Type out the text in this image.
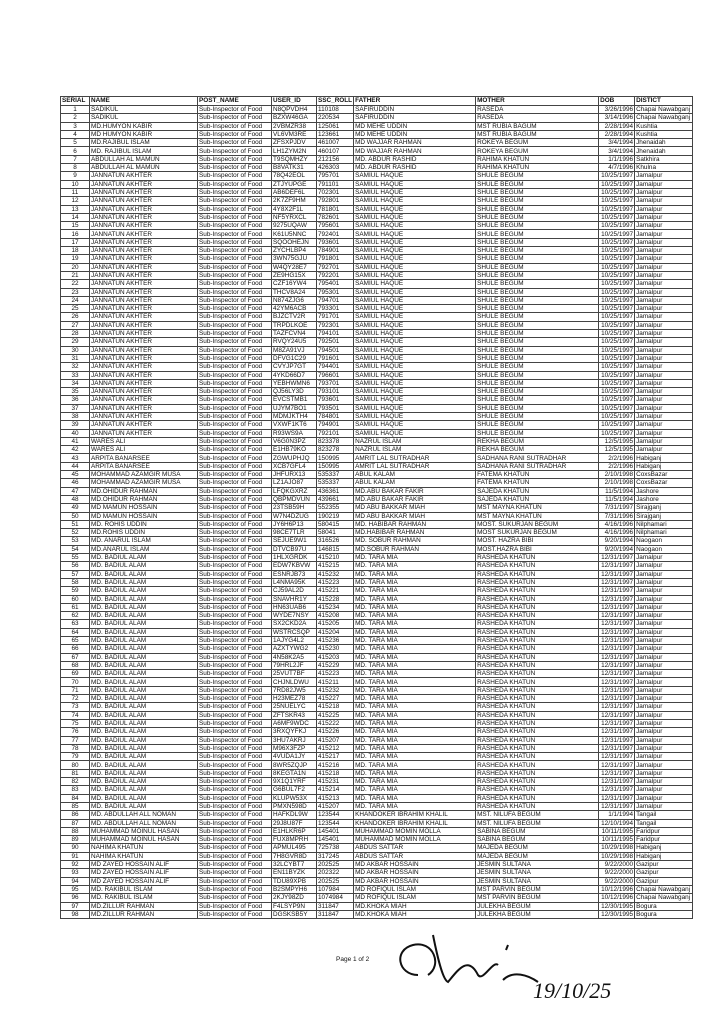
SERIAL	NAME	POST_NAME	USER_ID	SSC_ROLL	FATHER	MOTHER	DOB	DISTICT
1	SADIKUL	Sub-Inspector of Food	N8QPVDH4	110108	SAFIRUDDIN	RASEDA	3/26/1996	Chapai Nawabganj
2	SADIKUL	Sub-Inspector of Food	BZXW46GA	220534	SAFIRUDDIN	RASEDA	3/14/1996	Chapai Nawabganj
3	MD.HUMYON KABIR	Sub-Inspector of Food	2VBMZR38	125061	MD MEHE UDDIN	MST RUBIA BAGUM	2/28/1994	Kushtia
4	MD HUMYON KABIR	Sub-Inspector of Food	VL6VM3RE	123661	MD MEHE UDDIN	MST RUBIA BAGUM	2/28/1994	Kushtia
5	MD.RAJIBUL ISLAM	Sub-Inspector of Food	ZFSXPJDV	461007	MD WAJJAR RAHMAN	ROKEYA BEGUM	3/4/1994	Jhenaidah
6	MD. RAJIBUL ISLAM	Sub-Inspector of Food	LH1ZYM2N	460107	MD WAJJAR RAHMAN	ROKEYA BEGUM	3/4/1994	Jhenaidah
7	ABDULLAH AL MAMUN	Sub-Inspector of Food	T9SQMHZY	212156	MD. ABDUR RASHID	RAHIMA KHATUN	1/1/1996	Satkhira
8	ABDULLAH AL MAMUN	Sub-Inspector of Food	B8VATK31	426303	MD. ABDUR RASHID	RAHIMA KHATUN	4/7/1996	Khulna
9	JANNATUN AKHTER	Sub-Inspector of Food	78Q42EOL	795701	SAMIUL HAQUE	SHULE BEGUM	10/25/1997	Jamalpur
10	JANNATUN AKHTER	Sub-Inspector of Food	ZTJYUPGE	791101	SAMIUL HAQUE	SHULE BEGUM	10/25/1997	Jamalpur
11	JANNATUN AKHTER	Sub-Inspector of Food	AB6DEF6L	702301	SAMIUL HAQUE	SHULE BEGUM	10/25/1997	Jamalpur
12	JANNATUN AKHTER	Sub-Inspector of Food	2K7ZF9HM	792801	SAMIUL HAQUE	SHULE BEGUM	10/25/1997	Jamalpur
13	JANNATUN AKHTER	Sub-Inspector of Food	4Y8X2F1L	781801	SAMIUL HAQUE	SHULE BEGUM	10/25/1997	Jamalpur
14	JANNATUN AKHTER	Sub-Inspector of Food	NF5YRXCL	782601	SAMIUL HAQUE	SHULE BEGUM	10/25/1997	Jamalpur
15	JANNATUN AKHTER	Sub-Inspector of Food	9275UQAW	795601	SAMIUL HAQUE	SHULE BEGUM	10/25/1997	Jamalpur
16	JANNATUN AKHTER	Sub-Inspector of Food	K61U5NNC	792401	SAMIUL HAQUE	SHULE BEGUM	10/25/1997	Jamalpur
17	JANNATUN AKHTER	Sub-Inspector of Food	SQOOHEJN	793601	SAMIUL HAQUE	SHULE BEGUM	10/25/1997	Jamalpur
18	JANNATUN AKHTER	Sub-Inspector of Food	ZYCHLBP4	784901	SAMIUL HAQUE	SHULE BEGUM	10/25/1997	Jamalpur
19	JANNATUN AKHTER	Sub-Inspector of Food	3WN75GJU	791801	SAMIUL HAQUE	SHULE BEGUM	10/25/1997	Jamalpur
20	JANNATUN AKHTER	Sub-Inspector of Food	W4QY28E7	792701	SAMIUL HAQUE	SHULE BEGUM	10/25/1997	Jamalpur
21	JANNATUN AKHTER	Sub-Inspector of Food	ZE9HG15X	792201	SAMIUL HAQUE	SHULE BEGUM	10/25/1997	Jamalpur
22	JANNATUN AKHTER	Sub-Inspector of Food	CZF16YW4	795401	SAMIUL HAQUE	SHULE BEGUM	10/25/1997	Jamalpur
23	JANNATUN AKHTER	Sub-Inspector of Food	THCV8A24	795301	SAMIUL HAQUE	SHULE BEGUM	10/25/1997	Jamalpur
24	JANNATUN AKHTER	Sub-Inspector of Food	N874ZJG6	794701	SAMIUL HAQUE	SHULE BEGUM	10/25/1997	Jamalpur
25	JANNATUN AKHTER	Sub-Inspector of Food	42YM6ACB	793301	SAMIUL HAQUE	SHULE BEGUM	10/25/1997	Jamalpur
26	JANNATUN AKHTER	Sub-Inspector of Food	BJZCTV2R	791701	SAMIUL HAQUE	SHULE BEGUM	10/25/1997	Jamalpur
27	JANNATUN AKHTER	Sub-Inspector of Food	TRPDLKOE	792301	SAMIUL HAQUE	SHULE BEGUM	10/25/1997	Jamalpur
28	JANNATUN AKHTER	Sub-Inspector of Food	TAZFCVN4	794101	SAMIUL HAQUE	SHULE BEGUM	10/25/1997	Jamalpur
29	JANNATUN AKHTER	Sub-Inspector of Food	RVQY24U5	792501	SAMIUL HAQUE	SHULE BEGUM	10/25/1997	Jamalpur
30	JANNATUN AKHTER	Sub-Inspector of Food	M8ZA91VJ	794501	SAMIUL HAQUE	SHULE BEGUM	10/25/1997	Jamalpur
31	JANNATUN AKHTER	Sub-Inspector of Food	DFVG1C29	791601	SAMIUL HAQUE	SHULE BEGUM	10/25/1997	Jamalpur
32	JANNATUN AKHTER	Sub-Inspector of Food	CVYJP7GT	794401	SAMIUL HAQUE	SHULE BEGUM	10/25/1997	Jamalpur
33	JANNATUN AKHTER	Sub-Inspector of Food	4YKD66D7	796601	SAMIUL HAQUE	SHULE BEGUM	10/25/1997	Jamalpur
34	JANNATUN AKHTER	Sub-Inspector of Food	YEBHWMN6	793701	SAMIUL HAQUE	SHULE BEGUM	10/25/1997	Jamalpur
35	JANNATUN AKHTER	Sub-Inspector of Food	QJ56LY3D	793101	SAMIUL HAQUE	SHULE BEGUM	10/25/1997	Jamalpur
36	JANNATUN AKHTER	Sub-Inspector of Food	EVCSTMB1	793601	SAMIUL HAQUE	SHULE BEGUM	10/25/1997	Jamalpur
37	JANNATUN AKHTER	Sub-Inspector of Food	UJYM7BO1	793501	SAMIUL HAQUE	SHULE BEGUM	10/25/1997	Jamalpur
38	JANNATUN AKHTER	Sub-Inspector of Food	MDMJKTH4	784801	SAMIUL HAQUE	SHULE BEGUM	10/25/1997	Jamalpur
39	JANNATUN AKHTER	Sub-Inspector of Food	VXWF1KT6	794901	SAMIUL HAQUE	SHULE BEGUM	10/25/1997	Jamalpur
40	JANNATUN AKHTER	Sub-Inspector of Food	R93WS9A	792101	SAMIUL HAQUE	SHULE BEGUM	10/25/1997	Jamalpur
41	WARES ALI	Sub-Inspector of Food	V6G0N3PZ	823378	NAZRUL ISLAM	REKHA BEGUM	12/5/1995	Jamalpur
42	WARES ALI	Sub-Inspector of Food	E1HB79KO	823278	NAZRUL ISLAM	REKHA BEGUM	12/5/1995	Jamalpur
43	ARPITA BANARSEE	Sub-Inspector of Food	ZGWUPHJQ	150995	AMRIT LAL SUTRADHAR	SADHANA RANI SUTRADHAR	2/2/1996	Habiganj
44	ARPITA BANARSEE	Sub-Inspector of Food	XCB7GFL4	150995	AMRIT LAL SUTRADHAR	SADHANA RANI SUTRADHAR	2/2/1996	Habiganj
45	MOHAMMAD AZAMGIR MUSA	Sub-Inspector of Food	JHFURX13	535337	ABUL KALAM	FATEMA KHATUN	2/10/1998	CoxsBazar
46	MOHAMMAD AZAMGIR MUSA	Sub-Inspector of Food	LZ1AJO87	535337	ABUL KALAM	FATEMA KHATUN	2/10/1998	CoxsBazar
47	MD.OHIDUR RAHMAN	Sub-Inspector of Food	LFQKGXRZ	436361	MD.ABU BAKAR FAKIR	SAJEDA KHATUN	11/5/1994	Jashore
48	MD.OHIDUR RAHMAN	Sub-Inspector of Food	QBPMDVUN	439661	MD.ABU BAKAR FAKIR	SAJEDA KHATUN	11/5/1994	Jashore
49	MD MAMUN HOSSAIN	Sub-Inspector of Food	23TSB59H	552355	MD ABU BAKKAR MIAH	MST MAYNA KHATUN	7/31/1997	Sirajganj
50	MD MAMUN HOSSAIN	Sub-Inspector of Food	W7N4DZUG	190219	MD ABU BAKKAR MIAH	MST MAYNA KHATUN	7/31/1996	Sirajganj
51	MD. ROHIS UDDIN	Sub-Inspector of Food	JY6H6P13	580415	MD. HABIBAR RAHMAN	MOST. SUKURJAN BEGUM	4/16/1996	Nilphamari
52	MD.ROHIS UDDIN	Sub-Inspector of Food	98CE7TLR	58041	MD.HABIBAR RAHMAN	MOST SUKURJAN BEGUM	4/16/1996	Nilphamari
53	MD. ANARUL ISLAM	Sub-Inspector of Food	SEJUE9W1	316526	MD. SOBUR RAHMAN	MOST. HAZRA BIBI	9/20/1994	Naogaon
54	MD.ANARUL ISLAM	Sub-Inspector of Food	DTVCB97U	146815	MD.SOBUR RAHMAN	MOST.HAZRA BIBI	9/20/1994	Naogaon
55	MD. BADIUL ALAM	Sub-Inspector of Food	1HLXGRDK	415210	MD. TARA MIA	RASHEDA KHATUN	12/31/1997	Jamalpur
56	MD. BADIUL ALAM	Sub-Inspector of Food	EDW7KBVW	415215	MD. TARA MIA	RASHEDA KHATUN	12/31/1997	Jamalpur
57	MD. BADIUL ALAM	Sub-Inspector of Food	ESNRJB73	415232	MD. TARA MIA	RASHEDA KHATUN	12/31/1997	Jamalpur
58	MD. BADIUL ALAM	Sub-Inspector of Food	L4NMA95K	415223	MD. TARA MIA	RASHEDA KHATUN	12/31/1997	Jamalpur
59	MD. BADIUL ALAM	Sub-Inspector of Food	CJ59AL2D	415221	MD. TARA MIA	RASHEDA KHATUN	12/31/1997	Jamalpur
60	MD. BADIUL ALAM	Sub-Inspector of Food	SNAVHR1Y	415228	MD. TARA MIA	RASHEDA KHATUN	12/31/1997	Jamalpur
61	MD. BADIUL ALAM	Sub-Inspector of Food	HN63UAB6	415234	MD. TARA MIA	RASHEDA KHATUN	12/31/1997	Jamalpur
62	MD. BADIUL ALAM	Sub-Inspector of Food	WYDE7NSY	415208	MD. TARA MIA	RASHEDA KHATUN	12/31/1997	Jamalpur
63	MD. BADIUL ALAM	Sub-Inspector of Food	SX2CKD2A	415205	MD. TARA MIA	RASHEDA KHATUN	12/31/1997	Jamalpur
64	MD. BADIUL ALAM	Sub-Inspector of Food	WSTRCSQP	415204	MD. TARA MIA	RASHEDA KHATUN	12/31/1997	Jamalpur
65	MD. BADIUL ALAM	Sub-Inspector of Food	1AJYG4L2	415236	MD. TARA MIA	RASHEDA KHATUN	12/31/1997	Jamalpur
66	MD. BADIUL ALAM	Sub-Inspector of Food	AZXTYWG2	415230	MD. TARA MIA	RASHEDA KHATUN	12/31/1997	Jamalpur
67	MD. BADIUL ALAM	Sub-Inspector of Food	4N58K2A5	415203	MD. TARA MIA	RASHEDA KHATUN	12/31/1997	Jamalpur
68	MD. BADIUL ALAM	Sub-Inspector of Food	79HRL2JF	415229	MD. TARA MIA	RASHEDA KHATUN	12/31/1997	Jamalpur
69	MD. BADIUL ALAM	Sub-Inspector of Food	25VUT7BF	415223	MD. TARA MIA	RASHEDA KHATUN	12/31/1997	Jamalpur
70	MD. BADIUL ALAM	Sub-Inspector of Food	CHJNLDWU	415211	MD. TARA MIA	RASHEDA KHATUN	12/31/1997	Jamalpur
71	MD. BADIUL ALAM	Sub-Inspector of Food	7RD82JW5	415232	MD. TARA MIA	RASHEDA KHATUN	12/31/1997	Jamalpur
72	MD. BADIUL ALAM	Sub-Inspector of Food	H23MEZ78	415227	MD. TARA MIA	RASHEDA KHATUN	12/31/1997	Jamalpur
73	MD. BADIUL ALAM	Sub-Inspector of Food	25NUELYC	415218	MD. TARA MIA	RASHEDA KHATUN	12/31/1997	Jamalpur
74	MD. BADIUL ALAM	Sub-Inspector of Food	ZFTSKR43	415225	MD. TARA MIA	RASHEDA KHATUN	12/31/1997	Jamalpur
75	MD. BADIUL ALAM	Sub-Inspector of Food	A6MF9WDC	415222	MD. TARA MIA	RASHEDA KHATUN	12/31/1997	Jamalpur
76	MD. BADIUL ALAM	Sub-Inspector of Food	3RXQYFKJ	415226	MD. TARA MIA	RASHEDA KHATUN	12/31/1997	Jamalpur
77	MD. BADIUL ALAM	Sub-Inspector of Food	3HU7AKRJ	415207	MD. TARA MIA	RASHEDA KHATUN	12/31/1997	Jamalpur
78	MD. BADIUL ALAM	Sub-Inspector of Food	M96X3FZP	415212	MD. TARA MIA	RASHEDA KHATUN	12/31/1997	Jamalpur
79	MD. BADIUL ALAM	Sub-Inspector of Food	4VUDA1JY	415217	MD. TARA MIA	RASHEDA KHATUN	12/31/1997	Jamalpur
80	MD. BADIUL ALAM	Sub-Inspector of Food	8WR5ZQJP	415216	MD. TARA MIA	RASHEDA KHATUN	12/31/1997	Jamalpur
81	MD. BADIUL ALAM	Sub-Inspector of Food	8KEGTA1N	415218	MD. TARA MIA	RASHEDA KHATUN	12/31/1997	Jamalpur
82	MD. BADIUL ALAM	Sub-Inspector of Food	9X1Q1YRF	415231	MD. TARA MIA	RASHEDA KHATUN	12/31/1997	Jamalpur
83	MD. BADIUL ALAM	Sub-Inspector of Food	G6BUL7F2	415214	MD. TARA MIA	RASHEDA KHATUN	12/31/1997	Jamalpur
84	MD. BADIUL ALAM	Sub-Inspector of Food	KLUPW53X	415213	MD. TARA MIA	RASHEDA KHATUN	12/31/1997	Jamalpur
85	MD. BADIUL ALAM	Sub-Inspector of Food	PMXN598D	415207	MD. TARA MIA	RASHEDA KHATUN	12/31/1997	Jamalpur
86	MD. ABDULLAH ALL NOMAN	Sub-Inspector of Food	HAFKDL9W	123544	KHANDOKER IBRAHIM KHALIL	MST. NILUFA BEGUM	1/1/1994	Tangail
87	MD. ABDULLAH ALL NOMAN	Sub-Inspector of Food	29J8U87F	123544	KHANDOKER IBRAHIM KHALIL	MST. NILUFA BEGUM	12/10/1994	Tangail
88	MUHAMMAD MOINUL HASAN	Sub-Inspector of Food	E1HLKR6P	145401	MUHAMMAD MOMIN MOLLA	SABINA BEGUM	10/11/1995	Faridpur
89	MUHAMMAD MOINUL HASAN	Sub-Inspector of Food	FUX8MPRH	145401	MUHAMMAD MOMIN MOLLA	SABINA BEGUM	10/11/1995	Faridpur
90	NAHIMA KHATUN	Sub-Inspector of Food	APMUL495	725738	ABDUS SATTAR	MAJEDA BEGUM	10/29/1998	Habiganj
91	NAHIMA KHATUN	Sub-Inspector of Food	7H8GVR8D	317245	ABDUS SATTAR	MAJEDA BEGUM	10/29/1998	Habiganj
92	MD ZAYED HOSSAIN ALIF	Sub-Inspector of Food	32LCYBT7	202525	MD AKBAR HOSSAIN	JESMIN SULTANA	9/22/2000	Gazipur
93	MD ZAYED HOSSAIN ALIF	Sub-Inspector of Food	EN11BYZK	202322	MD AKBAR HOSSAIN	JESMIN SULTANA	9/22/2000	Gazipur
94	MD ZAYED HOSSAIN ALIF	Sub-Inspector of Food	TDU89XPB	202525	MD AKBAR HOSSAIN	JESMIN SULTANA	9/22/2000	Gazipur
95	MD. RAKIBUL ISLAM	Sub-Inspector of Food	B2SMPYH6	107984	MD ROFIQUL ISLAM	MST PARVIN BEGUM	10/12/1996	Chapai Nawabganj
96	MD. RAKIBUL ISLAM	Sub-Inspector of Food	2KJY98ZD	1074984	MD ROFIQUL ISLAM	MST PARVIN BEGUM	10/12/1996	Chapai Nawabganj
97	MD.ZILLUR RAHMAN	Sub-Inspector of Food	F4LSYP9N	311847	MD.KHOKA MIAH	JULEKHA BEGUM	12/30/1995	Bogura
98	MD.ZILLUR RAHMAN	Sub-Inspector of Food	DGSKSB5Y	311847	MD.KHOKA MIAH	JULEKHA BEGUM	12/30/1995	Bogura
19/10/25
Page 1 of 2
